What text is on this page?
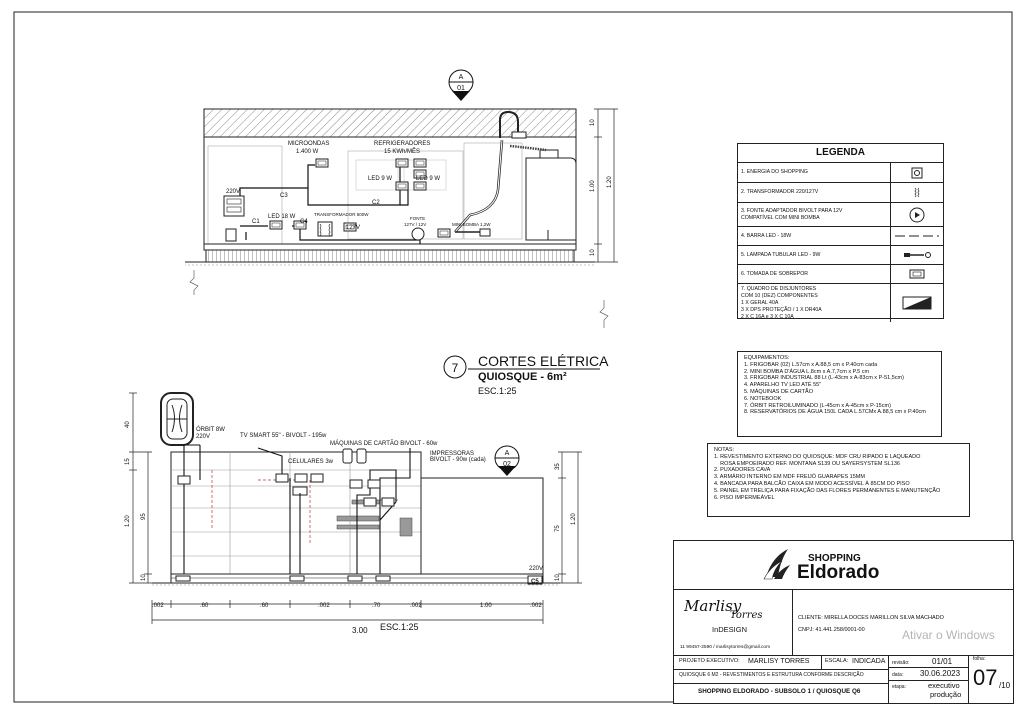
A
01
MICROONDAS
1.400 W
REFRIGERADORES
15 KWh/MÊS
LED 9 W	LED 9 W
220V
C3
C2
C1
LED 18 W
C4
TRANSFORMADOR 500W
127V
FONTE
127V / 12V	MINI BOMBA 1,2W
10
1.00 1.20
10
7 CORTES ELÉTRICA
QUIOSQUE - 6m²
ESC.1:25
A
02
ÓRBIT 8W
220V	TV SMART 55" - BIVOLT - 195w
CELULARES 3w
MÁQUINAS DE CARTÃO BIVOLT - 60w
IMPRESSORAS
BIVOLT - 90w (cada)
220V
C5
40
15
1.20 95
10
35
1.20
75
10
.002	.60	.60	.002	.70	.002	1.00	.002
3.00 ESC.1:25
LEGENDA
1. ENERGIA DO SHOPPING
2. TRANSFORMADOR 220/127V
3. FONTE ADAPTADOR BIVOLT PARA 12V
COMPATÍVEL COM MINI BOMBA
4. BARRA LED - 18W
5. LAMPADA TUBULAR LED - 9W
6. TOMADA DE SOBREPOR
7. QUADRO DE DISJUNTORES
COM 10 (DEZ) COMPONENTES
1 X GERAL 40A
3 X DPS PROTEÇÃO / 1 X DR40A
2 X C 16A e 3 X C 10A
EQUIPAMENTOS:
1. FRIGOBAR (02) L.57cm x A.88,5 cm x P.40cm cada
2. MINI BOMBA D'ÁGUA L.8cm x A.7,7cm x P.5 cm
3. FRIGOBAR INDUSTRIAL 88 Lt (L-43cm x A-83cm x P-51,5cm)
4. APARELHO TV LED ATÉ 55"
5. MÁQUINAS DE CARTÃO
6. NOTEBOOK
7. ÓRBIT RETROILUMINADO (L-45cm x A-45cm x P-15cm)
8. RESERVATÓRIOS DE ÁGUA 150L CADA L.57CMx A.88,5 cm x P.40cm
NOTAS:
1. REVESTIMENTO EXTERNO DO QUIOSQUE: MDF CRU RIPADO E LAQUEADO
ROSA EMPOEIRADO REF. MONTANA S139 OU SAYERSYSTEM SL136
2. PUXADORES CAVA
3. ARMÁRIO INTERNO EM MDF FREIJÓ GUARAPES 15MM
4. BANCADA PARA BALCÃO CAIXA EM MODO ACESSÍVEL À 85CM DO PISO
5. PAINEL EM TRELIÇA PARA FIXAÇÃO DAS FLORES PERMANENTES E MANUTENÇÃO
6. PISO IMPERMEÁVEL
SHOPPING
Eldorado
Marlisy
Torres
InDESIGN
11 99457-2590 / marlisytorres@gmail.com
CLIENTE: MIRELLA DOCES MARILLON SILVA MACHADO
CNPJ: 41.441.258/0001-00
PROJETO EXECUTIVO: MARLISY TORRES	ESCALA: INDICADA
QUIOSQUE 6 M2 - REVESTIMENTOS E ESTRUTURA CONFORME DESCRIÇÃO
SHOPPING ELDORADO - SUBSOLO 1 / QUIOSQUE Q6
revisão:	01/01
data: 30.06.2023
etapa:	executivo
produção
folha:
07 /10
Ativar o Windows
